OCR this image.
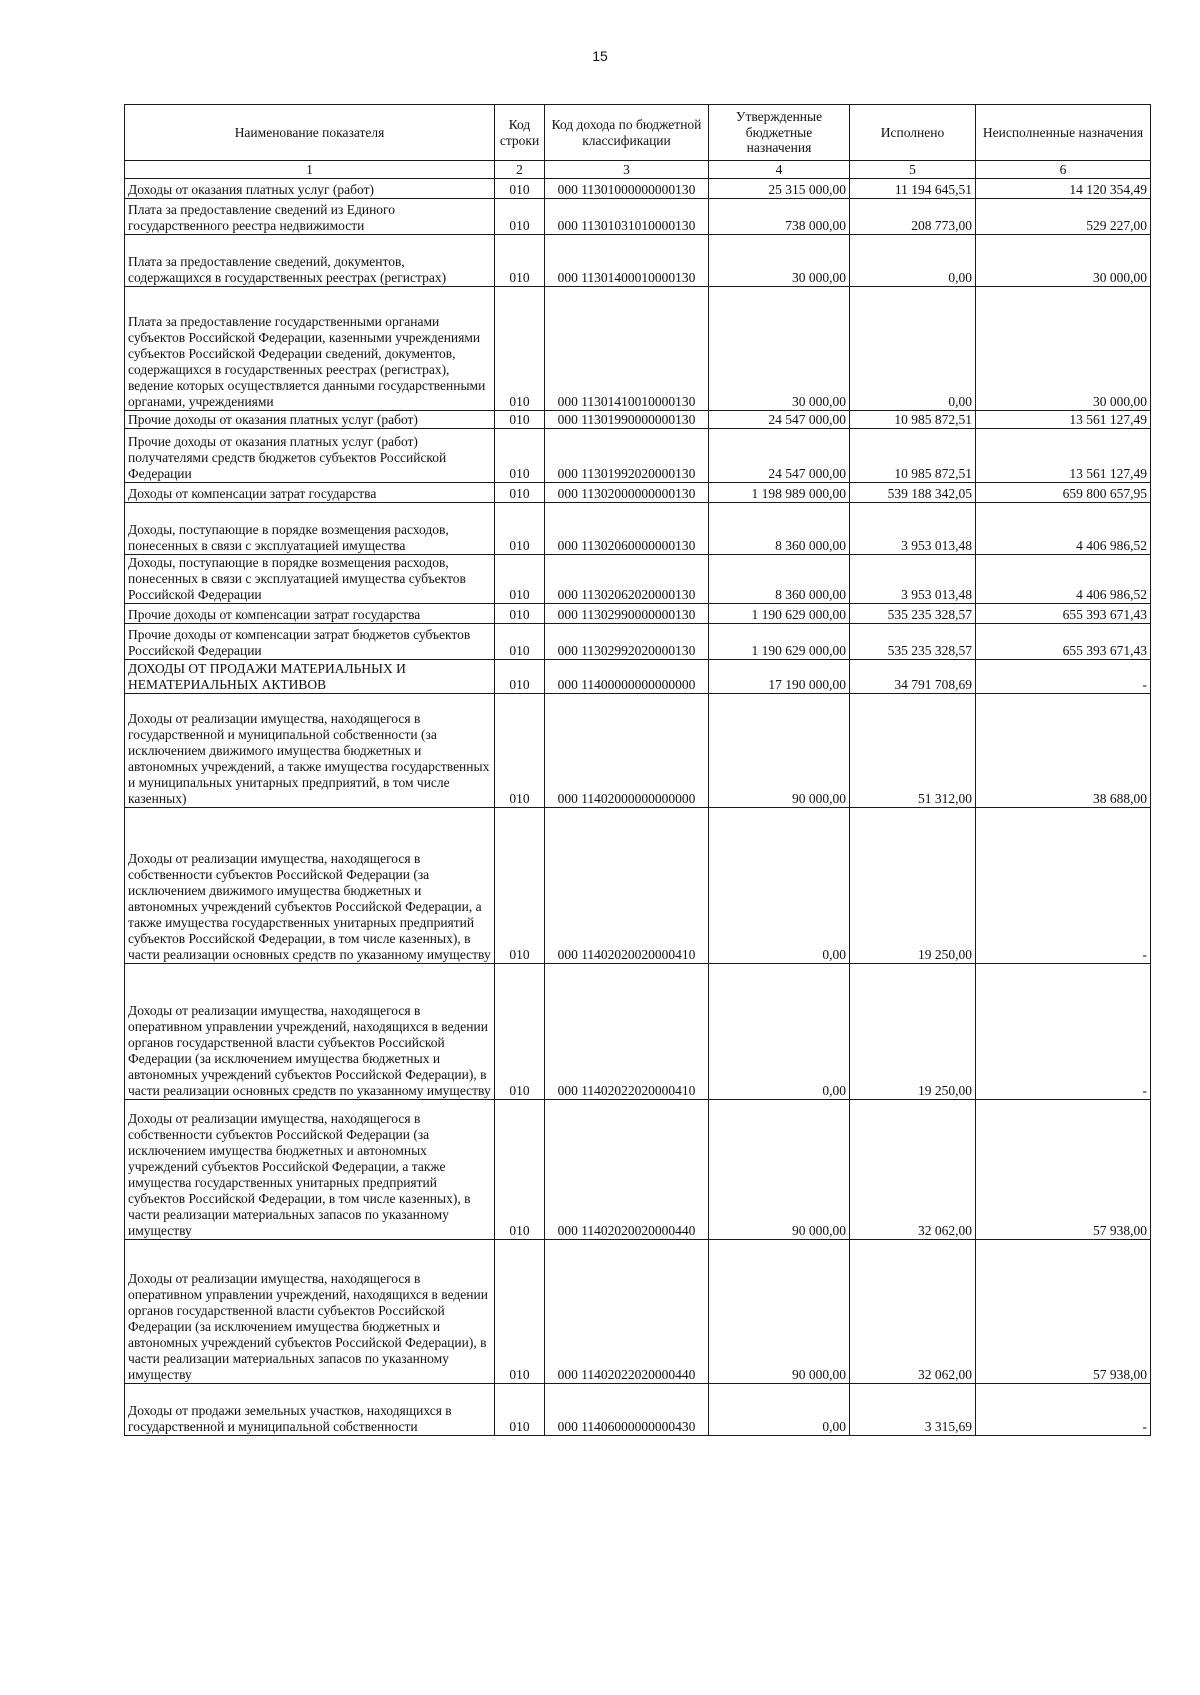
15
Наименование показателя	Код строки	Код дохода по бюджетной классификации	Утвержденные бюджетные назначения	Исполнено	Неисполненные назначения
1	2	3	4	5	6
Доходы от оказания платных услуг (работ)	010	000 11301000000000130	25 315 000,00	11 194 645,51	14 120 354,49
Плата за предоставление сведений из Единого государственного реестра недвижимости	010	000 11301031010000130	738 000,00	208 773,00	529 227,00
Плата за предоставление сведений, документов, содержащихся в государственных реестрах (регистрах)	010	000 11301400010000130	30 000,00	0,00	30 000,00
Плата за предоставление государственными органами субъектов Российской Федерации, казенными учреждениями субъектов Российской Федерации сведений, документов, содержащихся в государственных реестрах (регистрах), ведение которых осуществляется данными государственными органами, учреждениями	010	000 11301410010000130	30 000,00	0,00	30 000,00
Прочие доходы от оказания платных услуг (работ)	010	000 11301990000000130	24 547 000,00	10 985 872,51	13 561 127,49
Прочие доходы от оказания платных услуг (работ) получателями средств бюджетов субъектов Российской Федерации	010	000 11301992020000130	24 547 000,00	10 985 872,51	13 561 127,49
Доходы от компенсации затрат государства	010	000 11302000000000130	1 198 989 000,00	539 188 342,05	659 800 657,95
Доходы, поступающие в порядке возмещения расходов, понесенных в связи с эксплуатацией имущества	010	000 11302060000000130	8 360 000,00	3 953 013,48	4 406 986,52
Доходы, поступающие в порядке возмещения расходов, понесенных в связи с эксплуатацией имущества субъектов Российской Федерации	010	000 11302062020000130	8 360 000,00	3 953 013,48	4 406 986,52
Прочие доходы от компенсации затрат государства	010	000 11302990000000130	1 190 629 000,00	535 235 328,57	655 393 671,43
Прочие доходы от компенсации затрат бюджетов субъектов Российской Федерации	010	000 11302992020000130	1 190 629 000,00	535 235 328,57	655 393 671,43
ДОХОДЫ ОТ ПРОДАЖИ МАТЕРИАЛЬНЫХ И НЕМАТЕРИАЛЬНЫХ АКТИВОВ	010	000 11400000000000000	17 190 000,00	34 791 708,69	-
Доходы от реализации имущества, находящегося в государственной и муниципальной собственности (за исключением движимого имущества бюджетных и автономных учреждений, а также имущества государственных и муниципальных унитарных предприятий, в том числе казенных)	010	000 11402000000000000	90 000,00	51 312,00	38 688,00
Доходы от реализации имущества, находящегося в собственности субъектов Российской Федерации (за исключением движимого имущества бюджетных и автономных учреждений субъектов Российской Федерации, а также имущества государственных унитарных предприятий субъектов Российской Федерации, в том числе казенных), в части реализации основных средств по указанному имуществу	010	000 11402020020000410	0,00	19 250,00	-
Доходы от реализации имущества, находящегося в оперативном управлении учреждений, находящихся в ведении органов государственной власти субъектов Российской Федерации (за исключением имущества бюджетных и автономных учреждений субъектов Российской Федерации), в части реализации основных средств по указанному имуществу	010	000 11402022020000410	0,00	19 250,00	-
Доходы от реализации имущества, находящегося в собственности субъектов Российской Федерации (за исключением имущества бюджетных и автономных учреждений субъектов Российской Федерации, а также имущества государственных унитарных предприятий субъектов Российской Федерации, в том числе казенных), в части реализации материальных запасов по указанному имуществу	010	000 11402020020000440	90 000,00	32 062,00	57 938,00
Доходы от реализации имущества, находящегося в оперативном управлении учреждений, находящихся в ведении органов государственной власти субъектов Российской Федерации (за исключением имущества бюджетных и автономных учреждений субъектов Российской Федерации), в части реализации материальных запасов по указанному имуществу	010	000 11402022020000440	90 000,00	32 062,00	57 938,00
Доходы от продажи земельных участков, находящихся в государственной и муниципальной собственности	010	000 11406000000000430	0,00	3 315,69	-
